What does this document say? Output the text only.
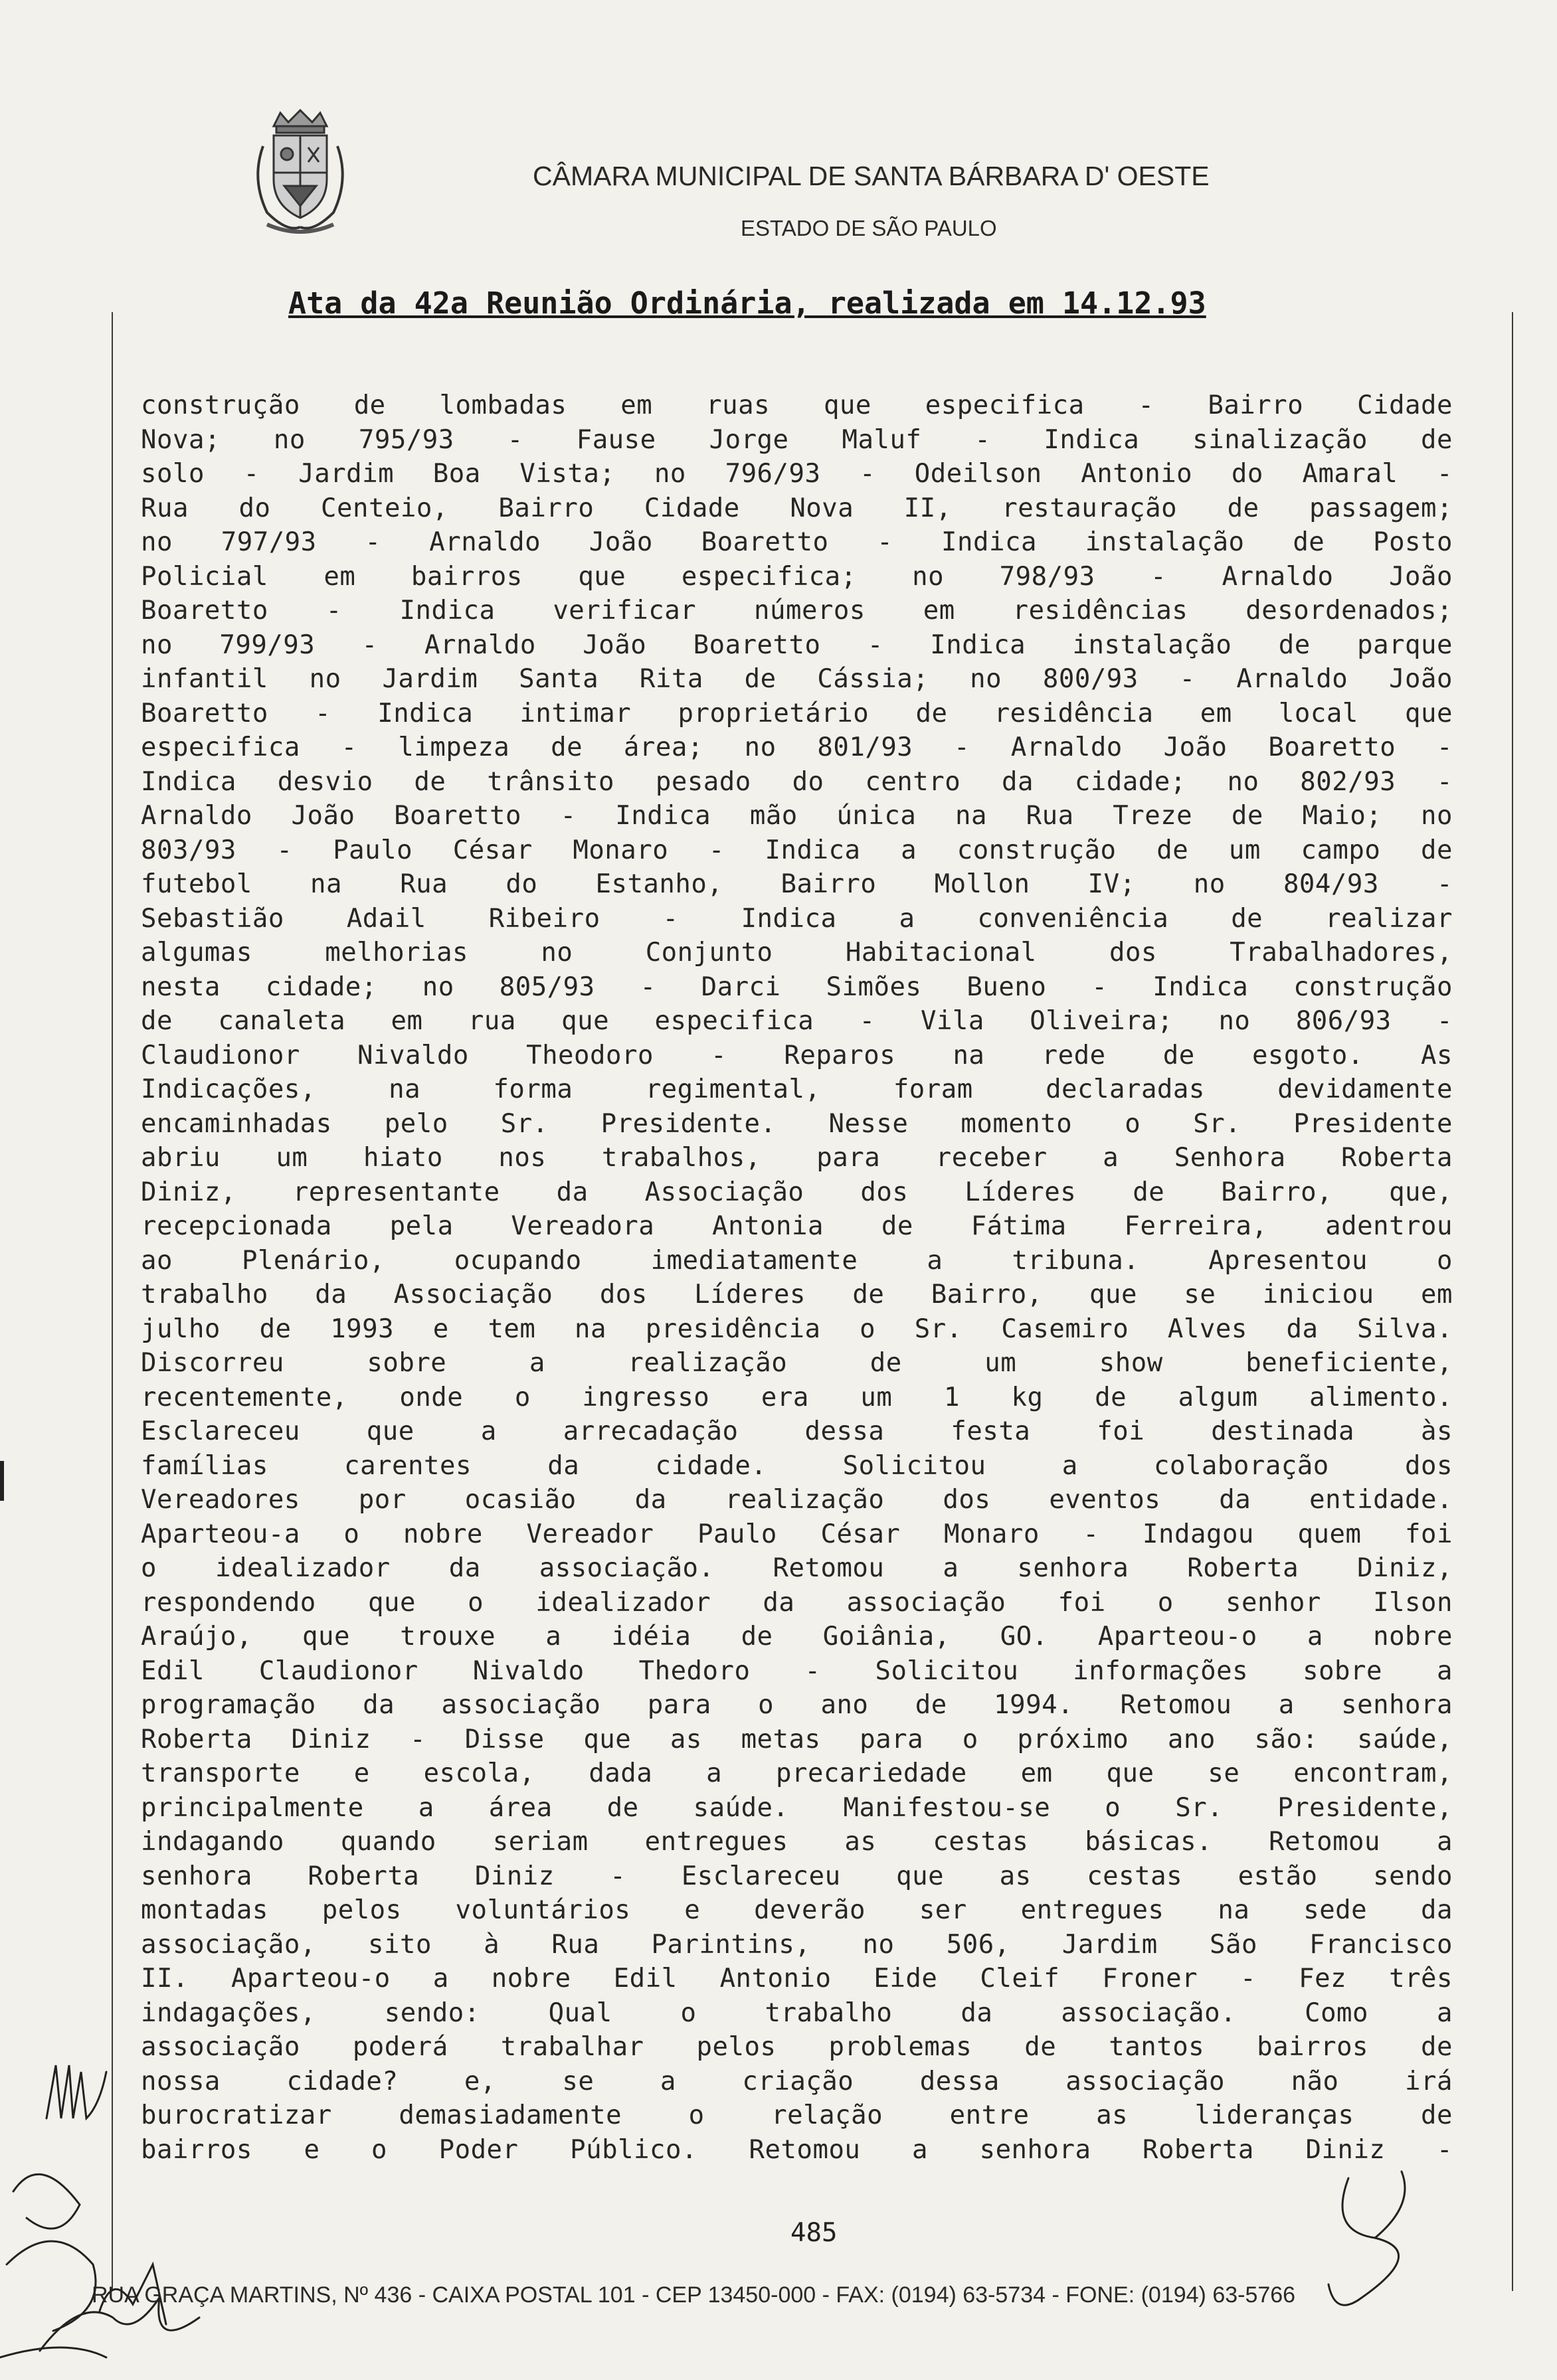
CÂMARA MUNICIPAL DE SANTA BÁRBARA D' OESTE
ESTADO DE SÃO PAULO
Ata da 42a Reunião Ordinária, realizada em 14.12.93
construção de lombadas em ruas que especifica - Bairro Cidade
Nova; no 795/93 - Fause Jorge Maluf - Indica sinalização de
solo - Jardim Boa Vista; no 796/93 - Odeilson Antonio do Amaral -
Rua do Centeio, Bairro Cidade Nova II, restauração de passagem;
no 797/93 - Arnaldo João Boaretto - Indica instalação de Posto
Policial em bairros que especifica; no 798/93 - Arnaldo João
Boaretto - Indica verificar números em residências desordenados;
no 799/93 - Arnaldo João Boaretto - Indica instalação de parque
infantil no Jardim Santa Rita de Cássia; no 800/93 - Arnaldo João
Boaretto - Indica intimar proprietário de residência em local que
especifica - limpeza de área; no 801/93 - Arnaldo João Boaretto -
Indica desvio de trânsito pesado do centro da cidade; no 802/93 -
Arnaldo João Boaretto - Indica mão única na Rua Treze de Maio; no
803/93 - Paulo César Monaro - Indica a construção de um campo de
futebol na Rua do Estanho, Bairro Mollon IV; no 804/93 -
Sebastião Adail Ribeiro - Indica a conveniência de realizar
algumas melhorias no Conjunto Habitacional dos Trabalhadores,
nesta cidade; no 805/93 - Darci Simões Bueno - Indica construção
de canaleta em rua que especifica - Vila Oliveira; no 806/93 -
Claudionor Nivaldo Theodoro - Reparos na rede de esgoto. As
Indicações, na forma regimental, foram declaradas devidamente
encaminhadas pelo Sr. Presidente. Nesse momento o Sr. Presidente
abriu um hiato nos trabalhos, para receber a Senhora Roberta
Diniz, representante da Associação dos Líderes de Bairro, que,
recepcionada pela Vereadora Antonia de Fátima Ferreira, adentrou
ao Plenário, ocupando imediatamente a tribuna. Apresentou o
trabalho da Associação dos Líderes de Bairro, que se iniciou em
julho de 1993 e tem na presidência o Sr. Casemiro Alves da Silva.
Discorreu sobre a realização de um show beneficiente,
recentemente, onde o ingresso era um 1 kg de algum alimento.
Esclareceu que a arrecadação dessa festa foi destinada às
famílias carentes da cidade. Solicitou a colaboração dos
Vereadores por ocasião da realização dos eventos da entidade.
Aparteou-a o nobre Vereador Paulo César Monaro - Indagou quem foi
o idealizador da associação. Retomou a senhora Roberta Diniz,
respondendo que o idealizador da associação foi o senhor Ilson
Araújo, que trouxe a idéia de Goiânia, GO. Aparteou-o a nobre
Edil Claudionor Nivaldo Thedoro - Solicitou informações sobre a
programação da associação para o ano de 1994. Retomou a senhora
Roberta Diniz - Disse que as metas para o próximo ano são: saúde,
transporte e escola, dada a precariedade em que se encontram,
principalmente a área de saúde. Manifestou-se o Sr. Presidente,
indagando quando seriam entregues as cestas básicas. Retomou a
senhora Roberta Diniz - Esclareceu que as cestas estão sendo
montadas pelos voluntários e deverão ser entregues na sede da
associação, sito à Rua Parintins, no 506, Jardim São Francisco
II. Aparteou-o a nobre Edil Antonio Eide Cleif Froner - Fez três
indagações, sendo: Qual o trabalho da associação. Como a
associação poderá trabalhar pelos problemas de tantos bairros de
nossa cidade? e, se a criação dessa associação não irá
burocratizar demasiadamente o relação entre as lideranças de
bairros e o Poder Público. Retomou a senhora Roberta Diniz -
485
RUA GRAÇA MARTINS, Nº 436 - CAIXA POSTAL 101 - CEP 13450-000 - FAX: (0194) 63-5734 - FONE: (0194) 63-5766
